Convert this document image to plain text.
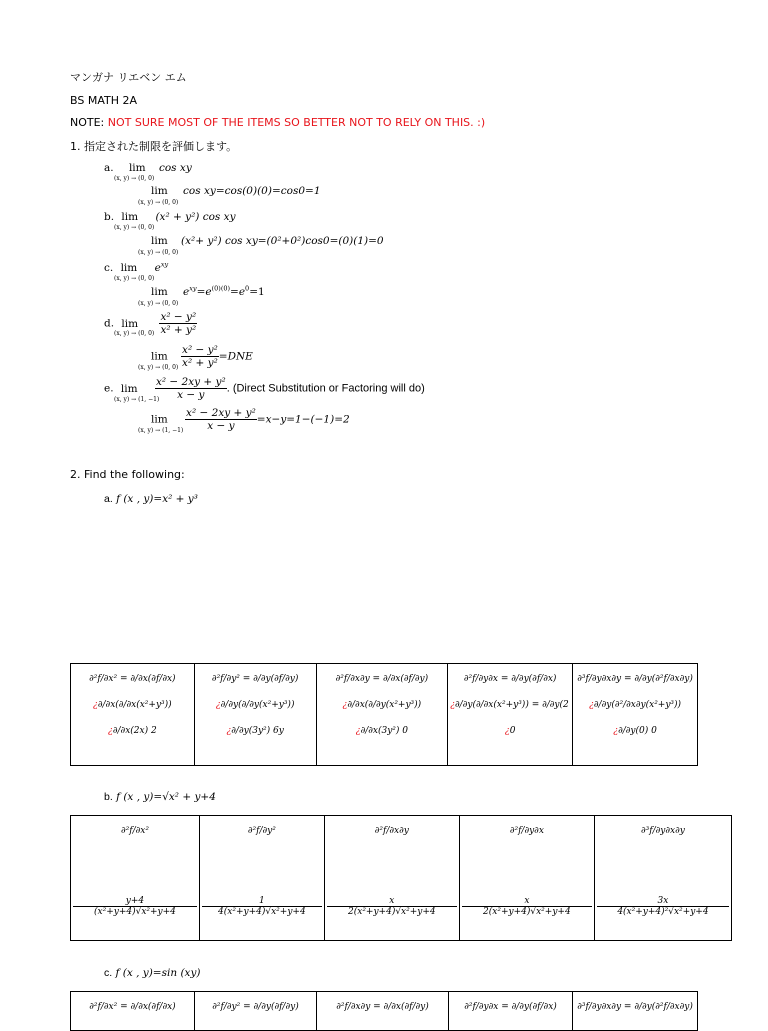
マンガナ リエベン エム
BS MATH 2A
NOTE: NOT SURE MOST OF THE ITEMS SO BETTER NOT TO RELY ON THIS. :)
1. 指定された制限を評価します。
a. lim cos xy
(x, y) → (0, 0)
lim cos xy=cos(0)(0)=cos0=1
(x, y) → (0, 0)
b. lim (x² + y²) cos xy
(x, y) → (0, 0)
lim (x²+ y²) cos xy=(0²+0²)cos0=(0)(1)=0
(x, y) → (0, 0)
c. $\lim e^{xy}$
(x, y) → (0, 0)
$\lim e^{xy}=e^{(0)(0)}=e^0=1$
(x, y) → (0, 0)
d. $\lim \frac{\text{x² − y²}}{\text{x² + y²}}$
(x, y) → (0, 0)
$\lim \frac{\text{x² − y²}}{\text{x² + y²}} =DNE$
(x, y) → (0, 0)
e. $\lim \frac{\text{x² − 2xy + y²}}{x - y}$ . (Direct Substitution or Factoring will do)
(x, y) → (1, −1)
$\lim \frac{\text{x² − 2xy + y²}}{x - y} =x-y=1-(-1)=2$
(x, y) → (1, −1)
2. Find the following:
a. f (x , y)=x² + y³
∂²f/∂x² = ∂/∂x(∂f/∂x)
¿∂/∂x(∂/∂x(x²+y³))
¿∂/∂x(2x) 2

∂²f/∂y² = ∂/∂y(∂f/∂y)
¿∂/∂y(∂/∂y(x²+y³))
¿∂/∂y(3y²) 6y

∂²f/∂x∂y = ∂/∂x(∂f/∂y)
¿∂/∂x(∂/∂y(x²+y³))
¿∂/∂x(3y²) 0

∂²f/∂y∂x = ∂/∂y(∂f/∂x)
¿∂/∂y(∂/∂x(x²+y³)) = ∂/∂y(2
¿0

∂³f/∂y∂x∂y = ∂/∂y(∂²f/∂x∂y)
¿∂/∂y(∂²/∂x∂y(x²+y³))
¿∂/∂y(0) 0
b. f (x , y)=√x² + y+4
∂²f/∂x²

y+4
(x²+y+4)√x²+y+4

∂²f/∂y²

1
4(x²+y+4)√x²+y+4

∂²f/∂x∂y

x
2(x²+y+4)√x²+y+4

∂²f/∂y∂x

x
2(x²+y+4)√x²+y+4

∂³f/∂y∂x∂y

3x
4(x²+y+4)²√x²+y+4
c. f (x , y)=sin (xy)
∂²f/∂x² = ∂/∂x(∂f/∂x)	∂²f/∂y² = ∂/∂y(∂f/∂y)	∂²f/∂x∂y = ∂/∂x(∂f/∂y)	∂²f/∂y∂x = ∂/∂y(∂f/∂x)	∂³f/∂y∂x∂y = ∂/∂y(∂²f/∂x∂y)
